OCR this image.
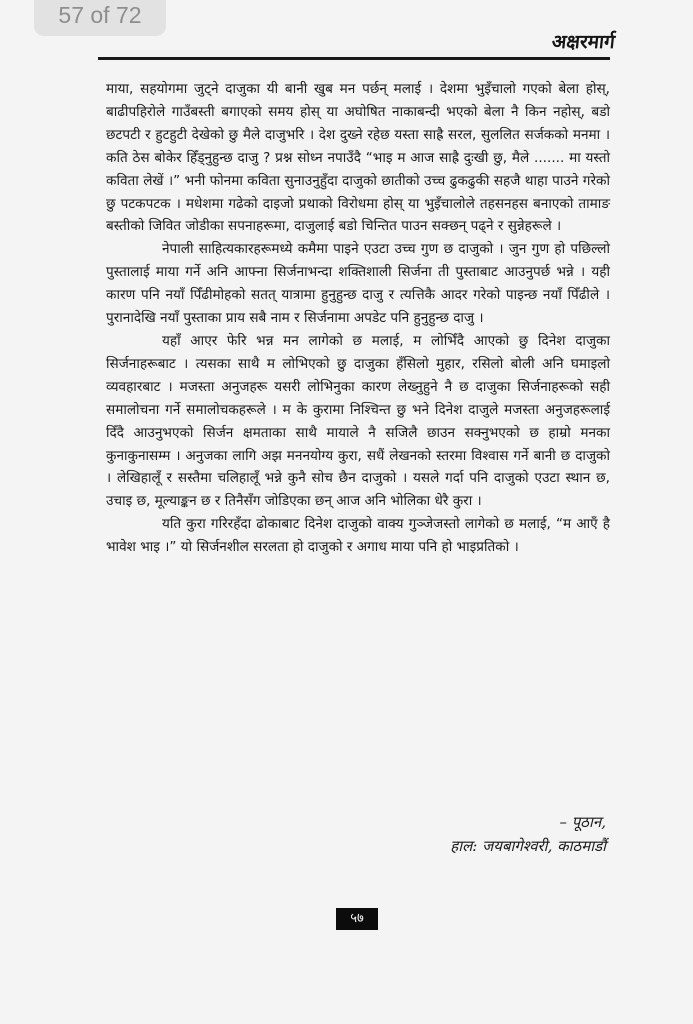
57 of 72
अक्षरमार्ग

माया, सहयोगमा जुट्ने दाजुका यी बानी खुब मन पर्छन् मलाई । देशमा भुइँचालो गएको बेला होस्, बाढीपहिरोले गाउँबस्ती बगाएको समय होस् या अघोषित नाकाबन्दी भएको बेला नै किन नहोस्, बडो छटपटी र हुटहुटी देखेको छु मैले दाजुभरि । देश दुख्ने रहेछ यस्ता साह्रै सरल, सुललित सर्जकको मनमा । कति ठेस बोकेर हिँड्नुहुन्छ दाजु ? प्रश्न सोध्न नपाउँदै “भाइ म आज साह्रै दुःखी छु, मैले ....... मा यस्तो कविता लेखें ।” भनी फोनमा कविता सुनाउनुहुँदा दाजुको छातीको उच्च ढुकढुकी सहजै थाहा पाउने गरेको छु पटकपटक । मधेशमा गढेको दाइजो प्रथाको विरोधमा होस् या भुइँचालोले तहसनहस बनाएको तामाङ बस्तीको जिवित जोडीका सपनाहरूमा, दाजुलाई बडो चिन्तित पाउन सक्छन् पढ्ने र सुन्नेहरूले ।

नेपाली साहित्यकारहरूमध्ये कमैमा पाइने एउटा उच्च गुण छ दाजुको । जुन गुण हो पछिल्लो पुस्तालाई माया गर्ने अनि आफ्ना सिर्जनाभन्दा शक्तिशाली सिर्जना ती पुस्ताबाट आउनुपर्छ भन्ने । यही कारण पनि नयाँ पिँढीमोहको सतत् यात्रामा हुनुहुन्छ दाजु र त्यत्तिकै आदर गरेको पाइन्छ नयाँ पिँढीले । पुरानादेखि नयाँ पुस्ताका प्राय सबै नाम र सिर्जनामा अपडेट पनि हुनुहुन्छ दाजु ।

यहाँ आएर फेरि भन्न मन लागेको छ मलाई, म लोभिँदै आएको छु दिनेश दाजुका सिर्जनाहरूबाट । त्यसका साथै म लोभिएको छु दाजुका हँसिलो मुहार, रसिलो बोली अनि घमाइलो व्यवहारबाट । मजस्ता अनुजहरू यसरी लोभिनुका कारण लेख्नुहुने नै छ दाजुका सिर्जनाहरूको सही समालोचना गर्ने समालोचकहरूले । म के कुरामा निश्चिन्त छु भने दिनेश दाजुले मजस्ता अनुजहरूलाई दिँदै आउनुभएको सिर्जन क्षमताका साथै मायाले नै सजिलै छाउन सक्नुभएको छ हाम्रो मनका कुनाकुनासम्म । अनुजका लागि अझ मननयोग्य कुरा, सधैं लेखनको स्तरमा विश्वास गर्ने बानी छ दाजुको । लेखिहालूँ र सस्तैमा चलिहालूँ भन्ने कुनै सोच छैन दाजुको । यसले गर्दा पनि दाजुको एउटा स्थान छ, उचाइ छ, मूल्याङ्कन छ र तिनैसँग जोडिएका छन् आज अनि भोलिका धेरै कुरा ।

यति कुरा गरिरहँदा ढोकाबाट दिनेश दाजुको वाक्य गुञ्जेजस्तो लागेको छ मलाई, “म आएँ है भावेश भाइ ।” यो सिर्जनशील सरलता हो दाजुको र अगाध माया पनि हो भाइप्रतिको ।

– पूठान,
हाल: जयबागेश्वरी, काठमाडौं
५७
